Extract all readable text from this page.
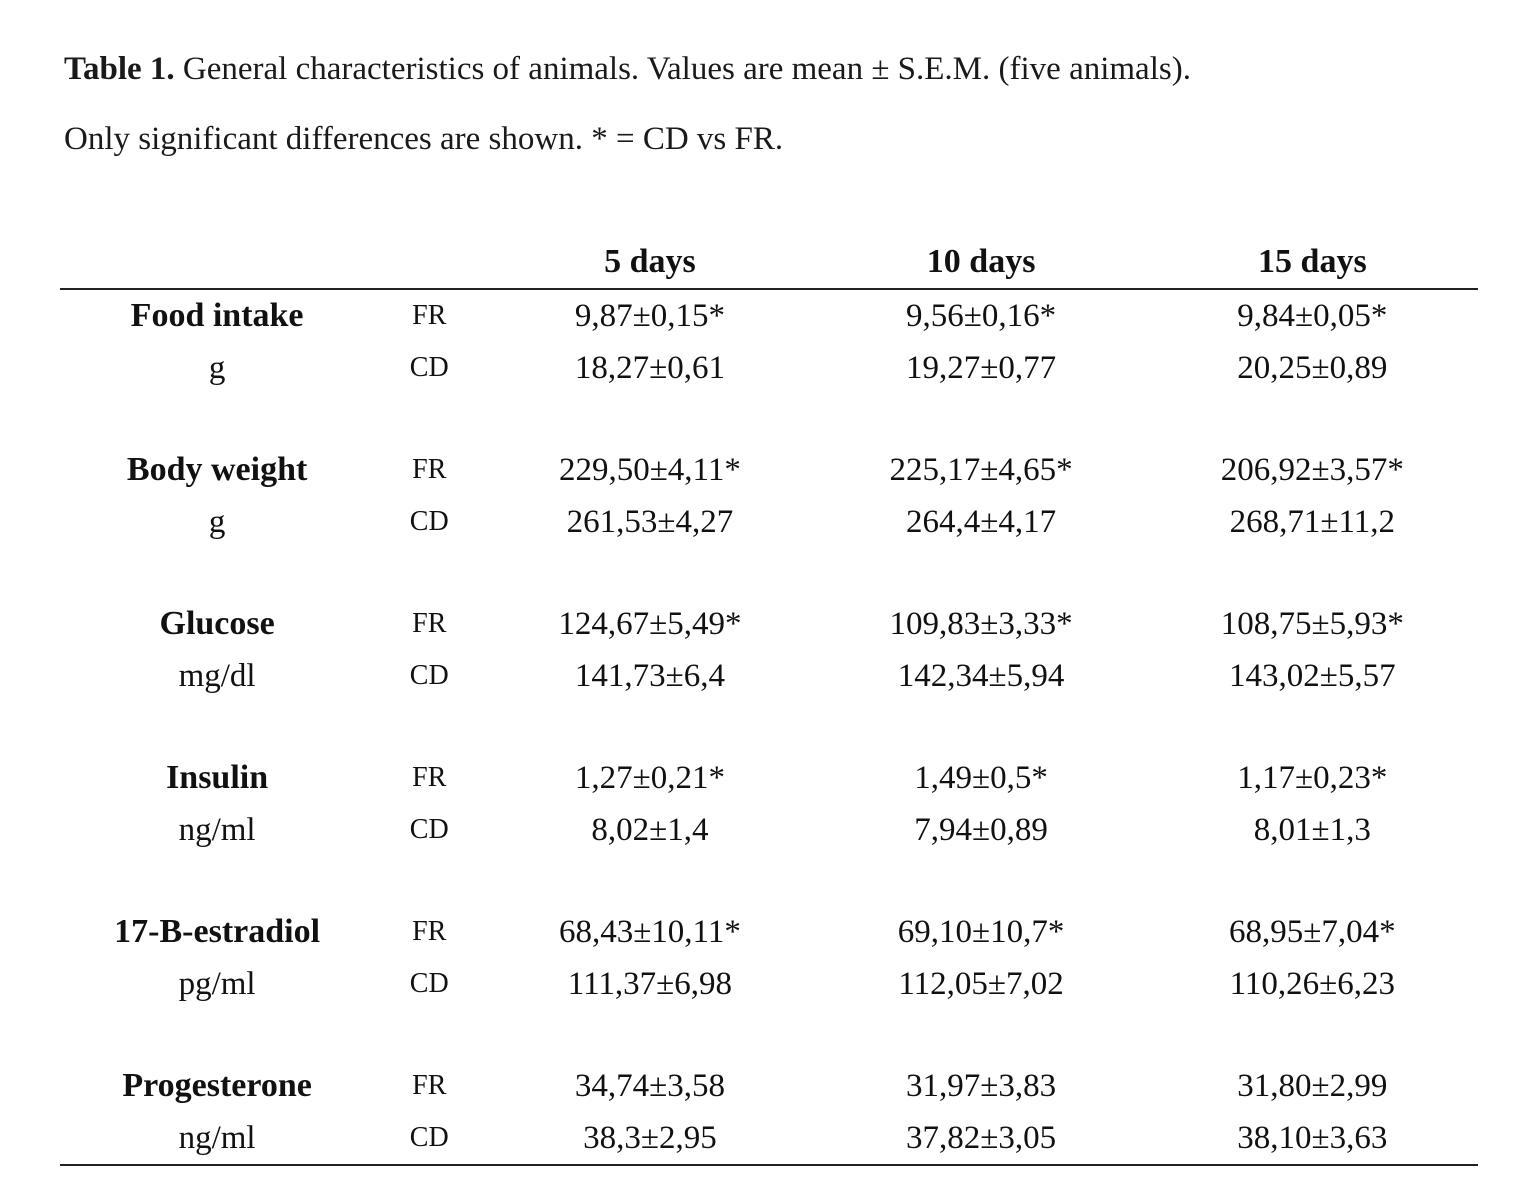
Table 1. General characteristics of animals. Values are mean ± S.E.M. (five animals).
Only significant differences are shown. * = CD vs FR.
		5 days	10 days	15 days
Food intake	FR	9,87±0,15*	9,56±0,16*	9,84±0,05*
g	CD	18,27±0,61	19,27±0,77	20,25±0,89

Body weight	FR	229,50±4,11*	225,17±4,65*	206,92±3,57*
g	CD	261,53±4,27	264,4±4,17	268,71±11,2

Glucose	FR	124,67±5,49*	109,83±3,33*	108,75±5,93*
mg/dl	CD	141,73±6,4	142,34±5,94	143,02±5,57

Insulin	FR	1,27±0,21*	1,49±0,5*	1,17±0,23*
ng/ml	CD	8,02±1,4	7,94±0,89	8,01±1,3

17-B-estradiol	FR	68,43±10,11*	69,10±10,7*	68,95±7,04*
pg/ml	CD	111,37±6,98	112,05±7,02	110,26±6,23

Progesterone	FR	34,74±3,58	31,97±3,83	31,80±2,99
ng/ml	CD	38,3±2,95	37,82±3,05	38,10±3,63
